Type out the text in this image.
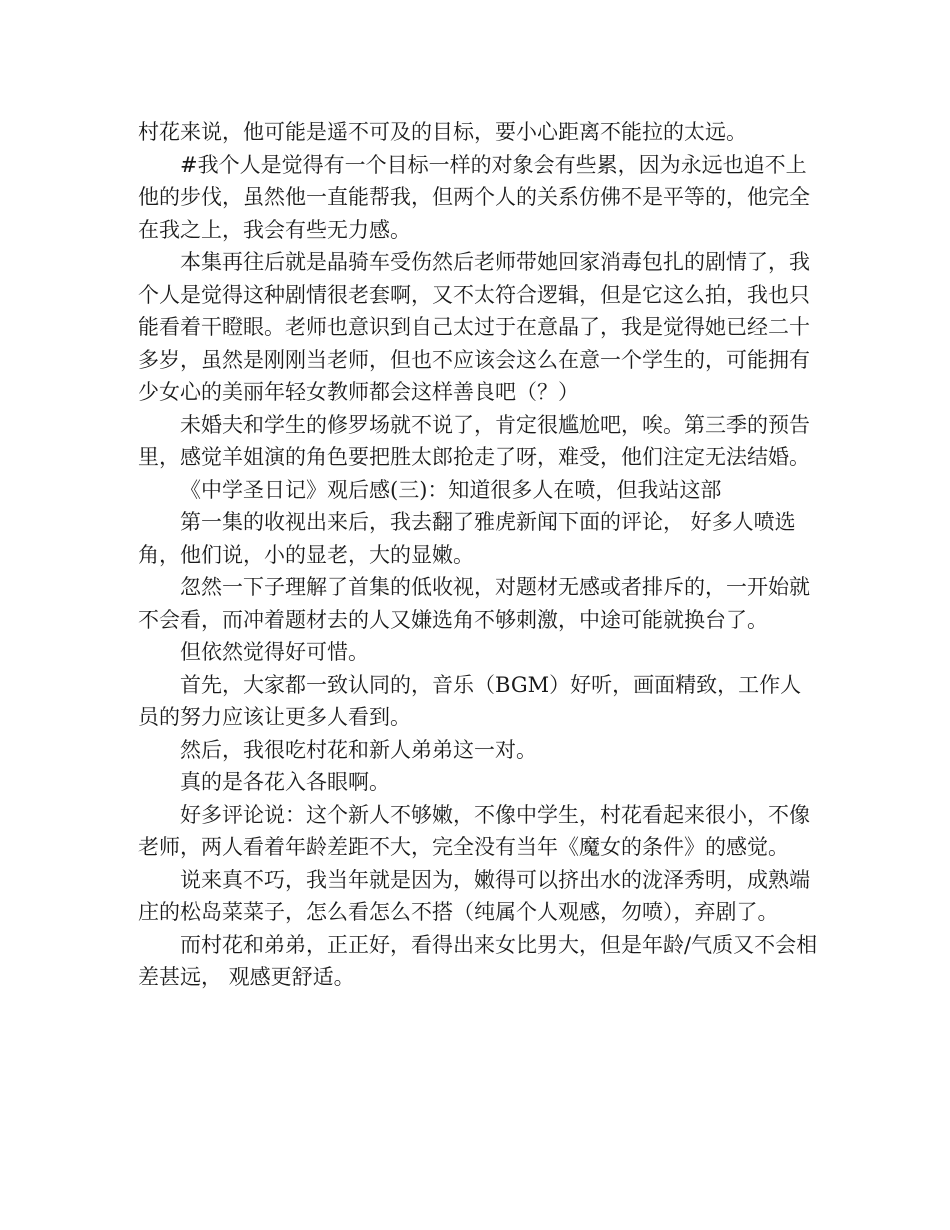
村花来说，他可能是遥不可及的目标，要小心距离不能拉的太远。

#我个人是觉得有一个目标一样的对象会有些累，因为永远也追不上他的步伐，虽然他一直能帮我，但两个人的关系仿佛不是平等的，他完全在我之上，我会有些无力感。

本集再往后就是晶骑车受伤然后老师带她回家消毒包扎的剧情了，我个人是觉得这种剧情很老套啊，又不太符合逻辑，但是它这么拍，我也只能看着干瞪眼。老师也意识到自己太过于在意晶了，我是觉得她已经二十多岁，虽然是刚刚当老师，但也不应该会这么在意一个学生的，可能拥有少女心的美丽年轻女教师都会这样善良吧（？）

未婚夫和学生的修罗场就不说了，肯定很尴尬吧，唉。第三季的预告里，感觉羊姐演的角色要把胜太郎抢走了呀，难受，他们注定无法结婚。

《中学圣日记》观后感(三)：知道很多人在喷，但我站这部

第一集的收视出来后，我去翻了雅虎新闻下面的评论， 好多人喷选角，他们说，小的显老，大的显嫩。

忽然一下子理解了首集的低收视，对题材无感或者排斥的，一开始就不会看，而冲着题材去的人又嫌选角不够刺激，中途可能就换台了。

但依然觉得好可惜。

首先，大家都一致认同的，音乐（BGM）好听，画面精致，工作人员的努力应该让更多人看到。

然后，我很吃村花和新人弟弟这一对。

真的是各花入各眼啊。

好多评论说：这个新人不够嫩，不像中学生，村花看起来很小，不像老师，两人看着年龄差距不大，完全没有当年《魔女的条件》的感觉。

说来真不巧，我当年就是因为，嫩得可以挤出水的泷泽秀明，成熟端庄的松岛菜菜子，怎么看怎么不搭（纯属个人观感，勿喷），弃剧了。

而村花和弟弟，正正好，看得出来女比男大，但是年龄/气质又不会相差甚远， 观感更舒适。
